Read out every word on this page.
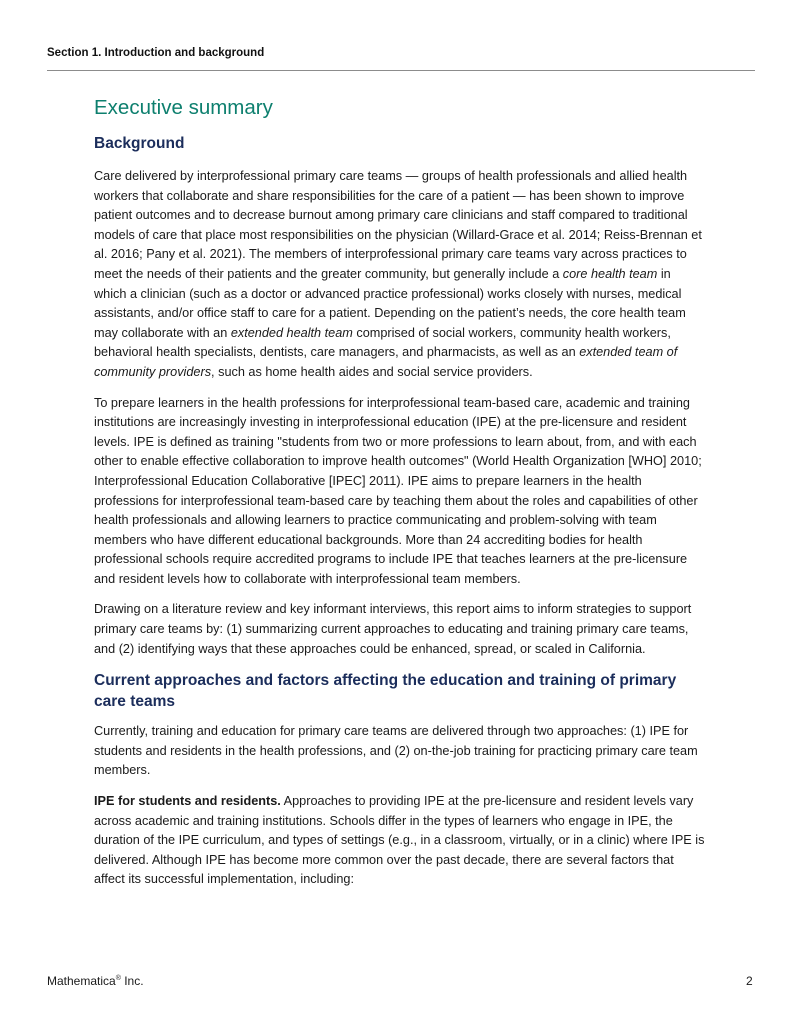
Section 1. Introduction and background
Executive summary
Background

Care delivered by interprofessional primary care teams — groups of health professionals and allied health workers that collaborate and share responsibilities for the care of a patient — has been shown to improve patient outcomes and to decrease burnout among primary care clinicians and staff compared to traditional models of care that place most responsibilities on the physician (Willard-Grace et al. 2014; Reiss-Brennan et al. 2016; Pany et al. 2021). The members of interprofessional primary care teams vary across practices to meet the needs of their patients and the greater community, but generally include a core health team in which a clinician (such as a doctor or advanced practice professional) works closely with nurses, medical assistants, and/or office staff to care for a patient. Depending on the patient’s needs, the core health team may collaborate with an extended health team comprised of social workers, community health workers, behavioral health specialists, dentists, care managers, and pharmacists, as well as an extended team of community providers, such as home health aides and social service providers.

To prepare learners in the health professions for interprofessional team-based care, academic and training institutions are increasingly investing in interprofessional education (IPE) at the pre-licensure and resident levels. IPE is defined as training "students from two or more professions to learn about, from, and with each other to enable effective collaboration to improve health outcomes" (World Health Organization [WHO] 2010; Interprofessional Education Collaborative [IPEC] 2011). IPE aims to prepare learners in the health professions for interprofessional team-based care by teaching them about the roles and capabilities of other health professionals and allowing learners to practice communicating and problem-solving with team members who have different educational backgrounds. More than 24 accrediting bodies for health professional schools require accredited programs to include IPE that teaches learners at the pre-licensure and resident levels how to collaborate with interprofessional team members.

Drawing on a literature review and key informant interviews, this report aims to inform strategies to support primary care teams by: (1) summarizing current approaches to educating and training primary care teams, and (2) identifying ways that these approaches could be enhanced, spread, or scaled in California.

Current approaches and factors affecting the education and training of primary care teams

Currently, training and education for primary care teams are delivered through two approaches: (1) IPE for students and residents in the health professions, and (2) on-the-job training for practicing primary care team members.

IPE for students and residents. Approaches to providing IPE at the pre-licensure and resident levels vary across academic and training institutions. Schools differ in the types of learners who engage in IPE, the duration of the IPE curriculum, and types of settings (e.g., in a classroom, virtually, or in a clinic) where IPE is delivered. Although IPE has become more common over the past decade, there are several factors that affect its successful implementation, including:

Mathematica® Inc.	2
